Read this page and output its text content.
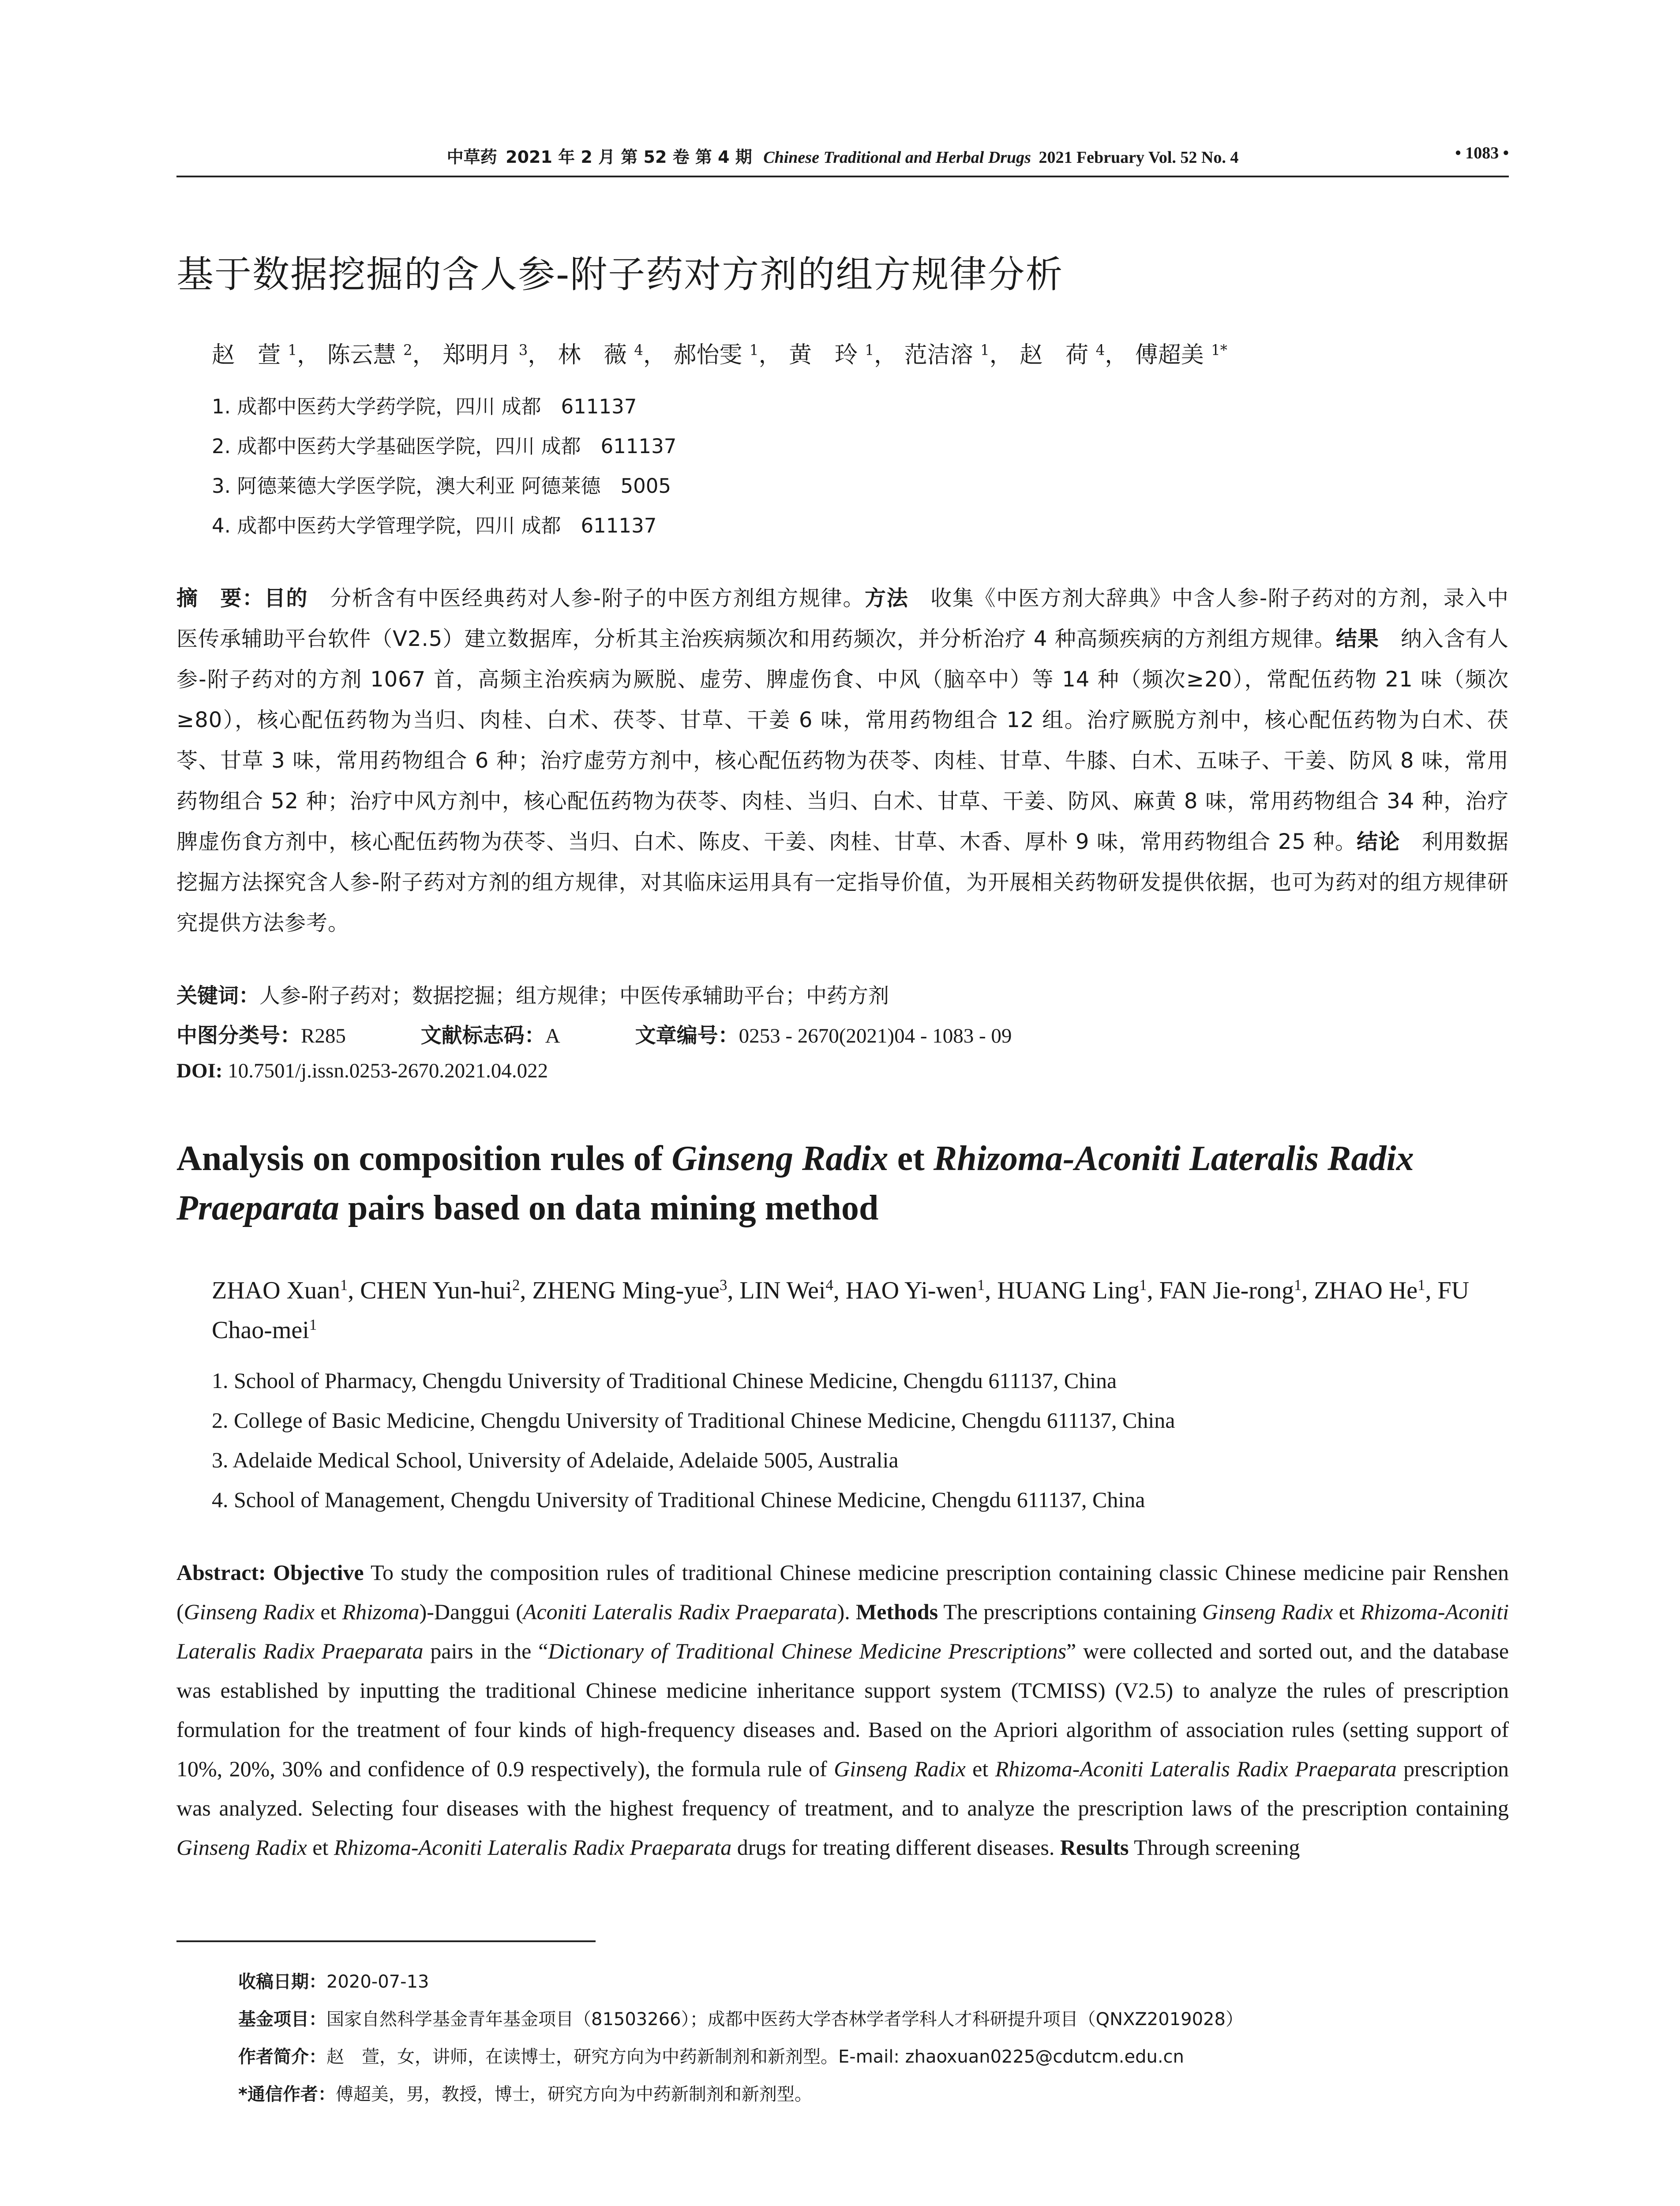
中草药 2021 年 2 月 第 52 卷 第 4 期 Chinese Traditional and Herbal Drugs 2021 February Vol. 52 No. 4	• 1083 •
基于数据挖掘的含人参-附子药对方剂的组方规律分析
赵　萱 $^1$， 陈云慧 $^2$， 郑明月 $^3$， 林　薇 $^4$， 郝怡雯 $^1$， 黄　玲 $^1$， 范洁溶 $^1$， 赵　荷 $^4$， 傅超美 $^{1*}$
1. 成都中医药大学药学院，四川 成都　611137
2. 成都中医药大学基础医学院，四川 成都　611137
3. 阿德莱德大学医学院，澳大利亚 阿德莱德　5005
4. 成都中医药大学管理学院，四川 成都　611137
摘　要：目的　分析含有中医经典药对人参-附子的中医方剂组方规律。方法　收集《中医方剂大辞典》中含人参-附子药对的方剂，录入中医传承辅助平台软件（V2.5）建立数据库，分析其主治疾病频次和用药频次，并分析治疗 4 种高频疾病的方剂组方规律。结果　纳入含有人参-附子药对的方剂 1067 首，高频主治疾病为厥脱、虚劳、脾虚伤食、中风（脑卒中）等 14 种（频次≥20），常配伍药物 21 味（频次≥80），核心配伍药物为当归、肉桂、白术、茯苓、甘草、干姜 6 味，常用药物组合 12 组。治疗厥脱方剂中，核心配伍药物为白术、茯苓、甘草 3 味，常用药物组合 6 种；治疗虚劳方剂中，核心配伍药物为茯苓、肉桂、甘草、牛膝、白术、五味子、干姜、防风 8 味，常用药物组合 52 种；治疗中风方剂中，核心配伍药物为茯苓、肉桂、当归、白术、甘草、干姜、防风、麻黄 8 味，常用药物组合 34 种，治疗脾虚伤食方剂中，核心配伍药物为茯苓、当归、白术、陈皮、干姜、肉桂、甘草、木香、厚朴 9 味，常用药物组合 25 种。结论　利用数据挖掘方法探究含人参-附子药对方剂的组方规律，对其临床运用具有一定指导价值，为开展相关药物研发提供依据，也可为药对的组方规律研究提供方法参考。
关键词：人参-附子药对；数据挖掘；组方规律；中医传承辅助平台；中药方剂
中图分类号：R285	文献标志码：A	文章编号：0253 - 2670(2021)04 - 1083 - 09
DOI: 10.7501/j.issn.0253-2670.2021.04.022
Analysis on composition rules of Ginseng Radix et Rhizoma-Aconiti Lateralis Radix Praeparata pairs based on data mining method
ZHAO Xuan$^1$, CHEN Yun-hui$^2$, ZHENG Ming-yue$^3$, LIN Wei$^4$, HAO Yi-wen$^1$, HUANG Ling$^1$, FAN Jie-rong$^1$, ZHAO He$^1$, FU Chao-mei$^1$
1. School of Pharmacy, Chengdu University of Traditional Chinese Medicine, Chengdu 611137, China
2. College of Basic Medicine, Chengdu University of Traditional Chinese Medicine, Chengdu 611137, China
3. Adelaide Medical School, University of Adelaide, Adelaide 5005, Australia
4. School of Management, Chengdu University of Traditional Chinese Medicine, Chengdu 611137, China
Abstract: Objective To study the composition rules of traditional Chinese medicine prescription containing classic Chinese medicine pair Renshen (Ginseng Radix et Rhizoma)-Danggui (Aconiti Lateralis Radix Praeparata). Methods The prescriptions containing Ginseng Radix et Rhizoma-Aconiti Lateralis Radix Praeparata pairs in the “Dictionary of Traditional Chinese Medicine Prescriptions” were collected and sorted out, and the database was established by inputting the traditional Chinese medicine inheritance support system (TCMISS) (V2.5) to analyze the rules of prescription formulation for the treatment of four kinds of high-frequency diseases and. Based on the Apriori algorithm of association rules (setting support of 10%, 20%, 30% and confidence of 0.9 respectively), the formula rule of Ginseng Radix et Rhizoma-Aconiti Lateralis Radix Praeparata prescription was analyzed. Selecting four diseases with the highest frequency of treatment, and to analyze the prescription laws of the prescription containing Ginseng Radix et Rhizoma-Aconiti Lateralis Radix Praeparata drugs for treating different diseases. Results Through screening
收稿日期：2020-07-13
基金项目：国家自然科学基金青年基金项目（81503266）；成都中医药大学杏林学者学科人才科研提升项目（QNXZ2019028）
作者简介：赵　萱，女，讲师，在读博士，研究方向为中药新制剂和新剂型。E-mail: zhaoxuan0225@cdutcm.edu.cn
*通信作者：傅超美，男，教授，博士，研究方向为中药新制剂和新剂型。
